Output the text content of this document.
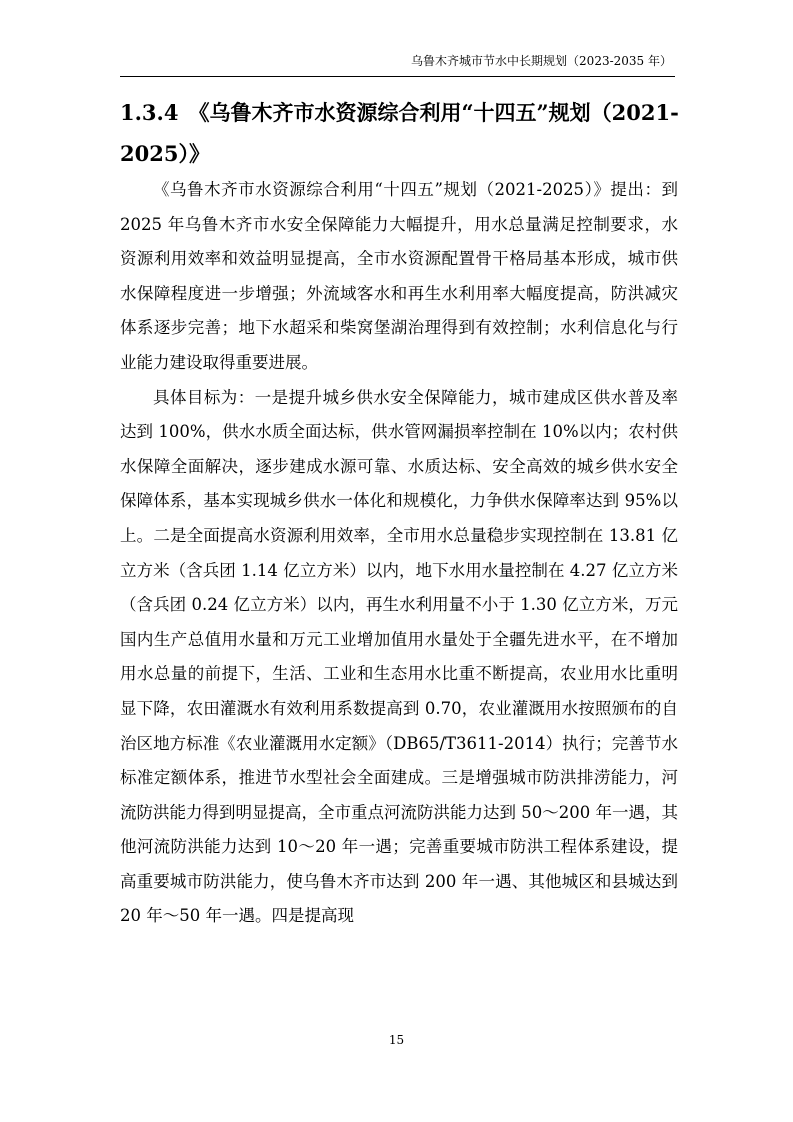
乌鲁木齐城市节水中长期规划（2023-2035 年）
1.3.4 《乌鲁木齐市水资源综合利用“十四五”规划（2021-2025）》

《乌鲁木齐市水资源综合利用“十四五”规划（2021-2025）》提出：到 2025 年乌鲁木齐市水安全保障能力大幅提升，用水总量满足控制要求，水资源利用效率和效益明显提高，全市水资源配置骨干格局基本形成，城市供水保障程度进一步增强；外流域客水和再生水利用率大幅度提高，防洪减灾体系逐步完善；地下水超采和柴窝堡湖治理得到有效控制；水利信息化与行业能力建设取得重要进展。

具体目标为：一是提升城乡供水安全保障能力，城市建成区供水普及率达到 100%，供水水质全面达标，供水管网漏损率控制在 10%以内；农村供水保障全面解决，逐步建成水源可靠、水质达标、安全高效的城乡供水安全保障体系，基本实现城乡供水一体化和规模化，力争供水保障率达到 95%以上。二是全面提高水资源利用效率，全市用水总量稳步实现控制在 13.81 亿立方米（含兵团 1.14 亿立方米）以内，地下水用水量控制在 4.27 亿立方米（含兵团 0.24 亿立方米）以内，再生水利用量不小于 1.30 亿立方米，万元国内生产总值用水量和万元工业增加值用水量处于全疆先进水平，在不增加用水总量的前提下，生活、工业和生态用水比重不断提高，农业用水比重明显下降，农田灌溉水有效利用系数提高到 0.70，农业灌溉用水按照颁布的自治区地方标准《农业灌溉用水定额》（DB65/T3611-2014）执行；完善节水标准定额体系，推进节水型社会全面建成。三是增强城市防洪排涝能力，河流防洪能力得到明显提高，全市重点河流防洪能力达到 50～200 年一遇，其他河流防洪能力达到 10～20 年一遇；完善重要城市防洪工程体系建设，提高重要城市防洪能力，使乌鲁木齐市达到 200 年一遇、其他城区和县城达到 20 年～50 年一遇。四是提高现

15
